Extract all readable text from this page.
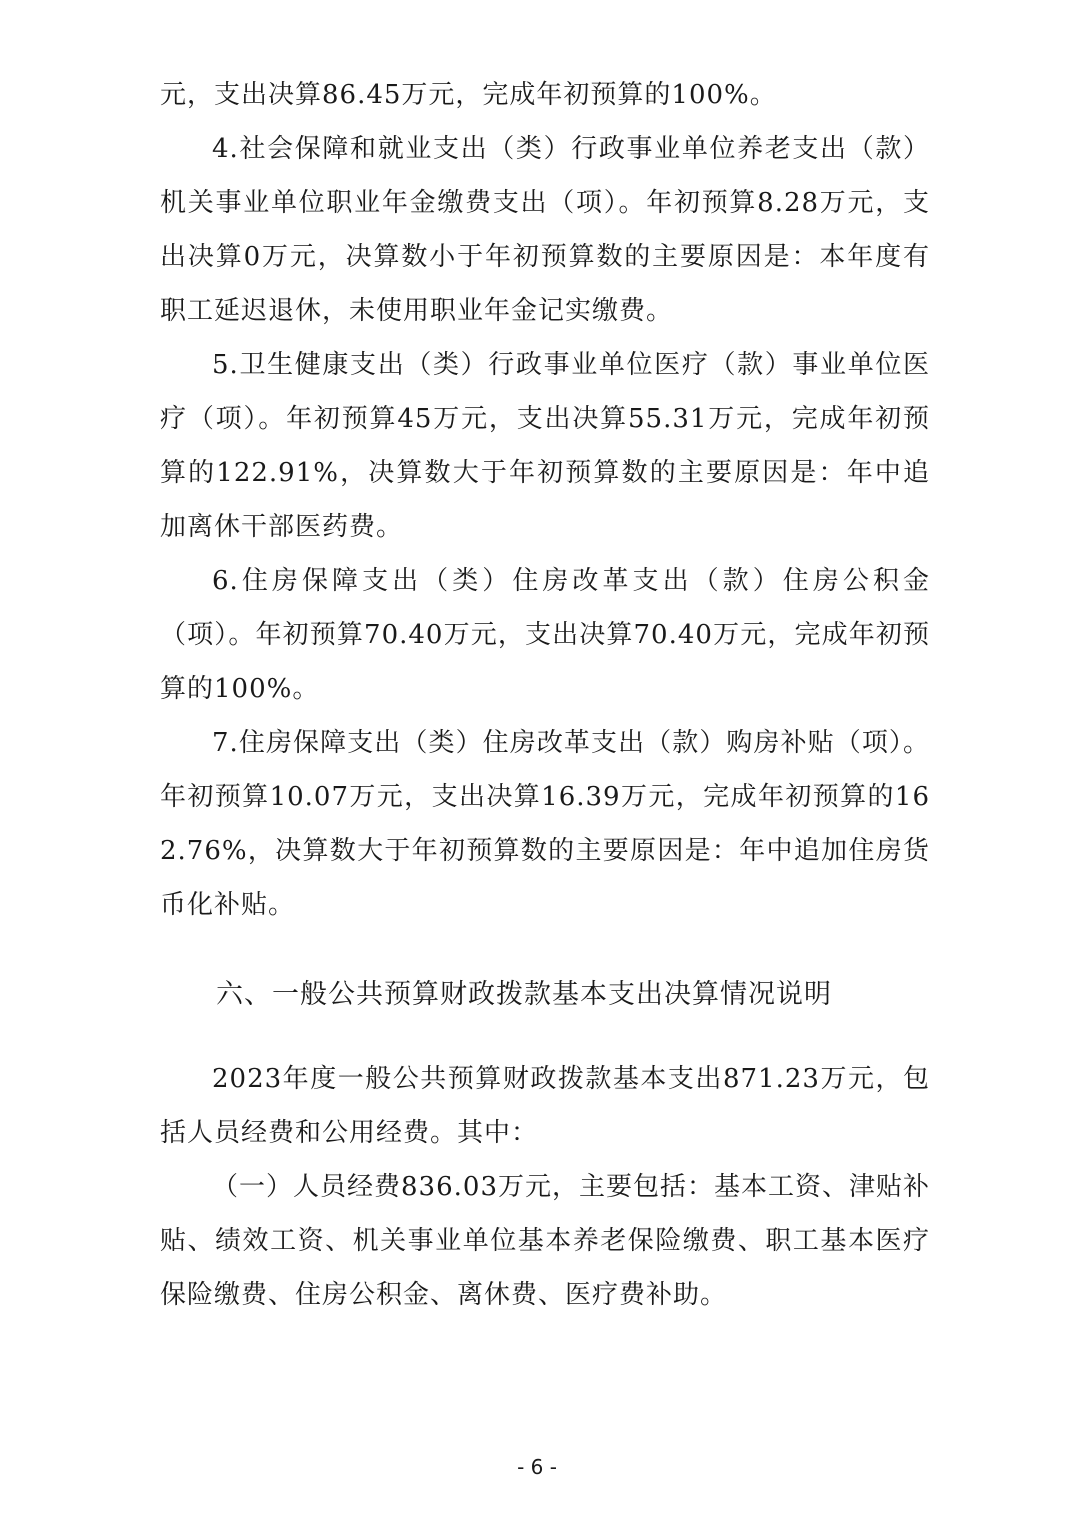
元，支出决算86.45万元，完成年初预算的100%。

4.社会保障和就业支出（类）行政事业单位养老支出（款）机关事业单位职业年金缴费支出（项）。年初预算8.28万元，支出决算0万元，决算数小于年初预算数的主要原因是：本年度有职工延迟退休，未使用职业年金记实缴费。

5.卫生健康支出（类）行政事业单位医疗（款）事业单位医疗（项）。年初预算45万元，支出决算55.31万元，完成年初预算的122.91%，决算数大于年初预算数的主要原因是：年中追加离休干部医药费。

6.住房保障支出（类）住房改革支出（款）住房公积金（项）。年初预算70.40万元，支出决算70.40万元，完成年初预算的100%。

7.住房保障支出（类）住房改革支出（款）购房补贴（项）。年初预算10.07万元，支出决算16.39万元，完成年初预算的162.76%，决算数大于年初预算数的主要原因是：年中追加住房货币化补贴。

六、一般公共预算财政拨款基本支出决算情况说明

2023年度一般公共预算财政拨款基本支出871.23万元，包括人员经费和公用经费。其中：

（一）人员经费836.03万元，主要包括：基本工资、津贴补贴、绩效工资、机关事业单位基本养老保险缴费、职工基本医疗保险缴费、住房公积金、离休费、医疗费补助。

- 6 -
